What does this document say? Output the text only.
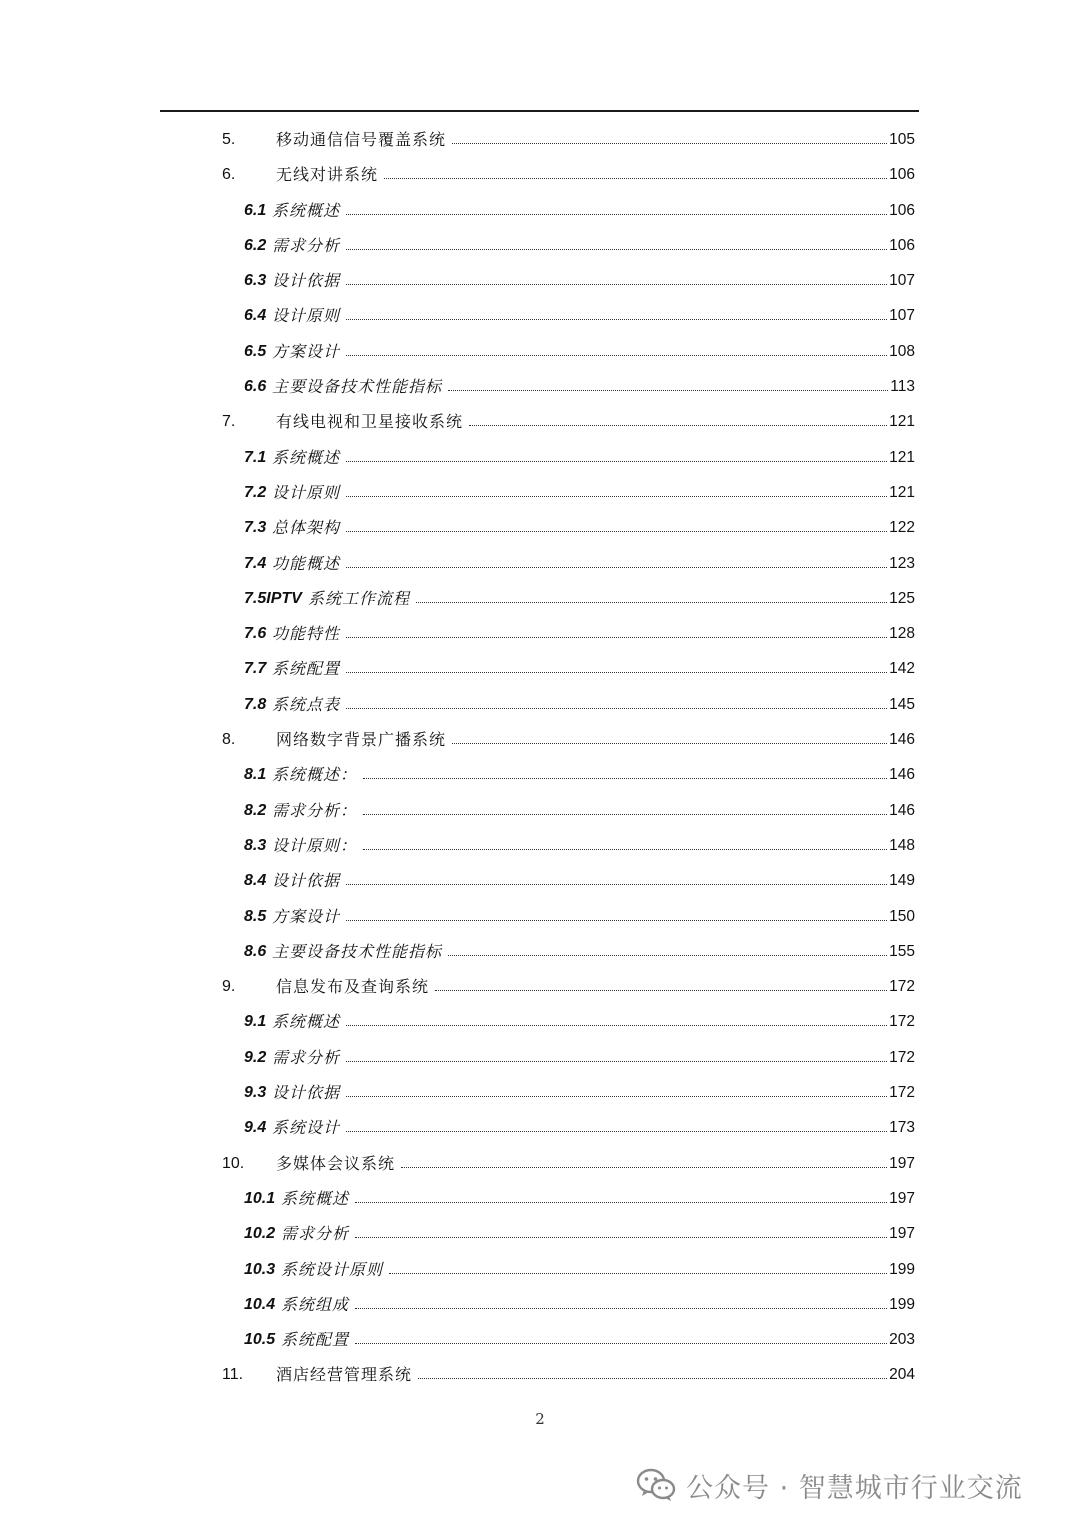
5.	移动通信信号覆盖系统	105
6.	无线对讲系统	106
6.1 系统概述	106
6.2 需求分析	106
6.3 设计依据	107
6.4 设计原则	107
6.5 方案设计	108
6.6 主要设备技术性能指标	113
7.	有线电视和卫星接收系统	121
7.1 系统概述	121
7.2 设计原则	121
7.3 总体架构	122
7.4 功能概述	123
7.5IPTV 系统工作流程	125
7.6 功能特性	128
7.7 系统配置	142
7.8 系统点表	145
8.	网络数字背景广播系统	146
8.1 系统概述：	146
8.2 需求分析：	146
8.3 设计原则：	148
8.4 设计依据	149
8.5 方案设计	150
8.6 主要设备技术性能指标	155
9.	信息发布及查询系统	172
9.1 系统概述	172
9.2 需求分析	172
9.3 设计依据	172
9.4 系统设计	173
10. 多媒体会议系统	197
10.1 系统概述	197
10.2 需求分析	197
10.3 系统设计原则	199
10.4 系统组成	199
10.5 系统配置	203
11. 酒店经营管理系统	204
2
公众号 · 智慧城市行业交流
